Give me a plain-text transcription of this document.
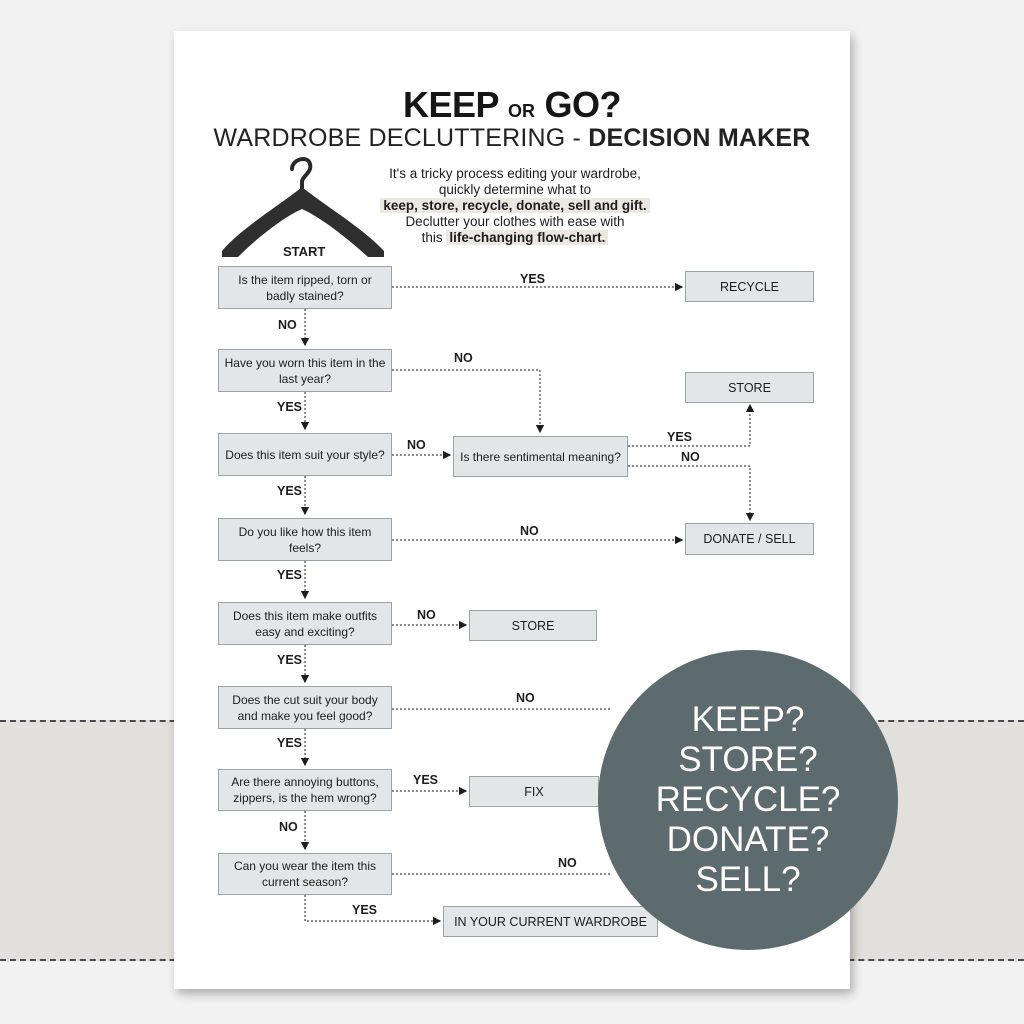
KEEP OR GO?
WARDROBE DECLUTTERING - DECISION MAKER
It's a tricky process editing your wardrobe,
quickly determine what to
keep, store, recycle, donate, sell and gift.
Declutter your clothes with ease with
this life-changing flow-chart.
START
Is the item ripped, torn or badly stained?
Have you worn this item in the last year?
Does this item suit your style?
Do you like how this item feels?
Does this item make outfits easy and exciting?
Does the cut suit your body and make you feel good?
Are there annoying buttons, zippers, is the hem wrong?
Can you wear the item this current season?
Is there sentimental meaning?
RECYCLE
STORE
DONATE / SELL
STORE
FIX
IN YOUR CURRENT WARDROBE
YES
NO
NO
YES
NO
YES
NO
YES
NO
YES
NO
YES
NO
YES
YES
NO
NO
YES
KEEP?
STORE?
RECYCLE?
DONATE?
SELL?
